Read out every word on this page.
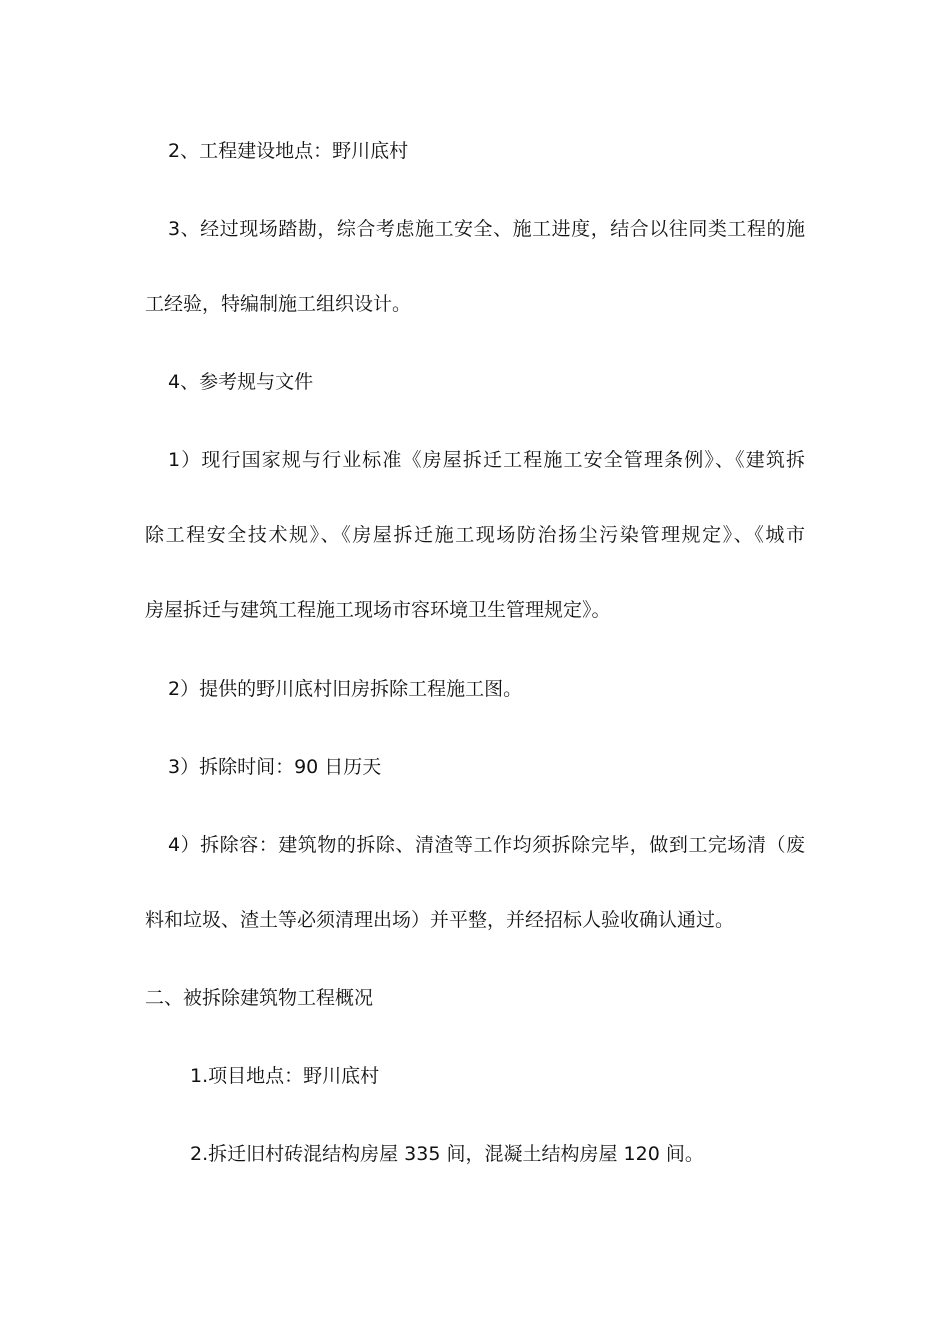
2、工程建设地点：野川底村
3、经过现场踏勘，综合考虑施工安全、施工进度，结合以往同类工程的施
工经验，特编制施工组织设计。
4、参考规与文件
1）现行国家规与行业标准《房屋拆迁工程施工安全管理条例》、《建筑拆
除工程安全技术规》、《房屋拆迁施工现场防治扬尘污染管理规定》、《城市
房屋拆迁与建筑工程施工现场市容环境卫生管理规定》。
2）提供的野川底村旧房拆除工程施工图。
3）拆除时间：90 日历天
4）拆除容：建筑物的拆除、清渣等工作均须拆除完毕，做到工完场清（废
料和垃圾、渣土等必须清理出场）并平整，并经招标人验收确认通过。
二、被拆除建筑物工程概况
1.项目地点：野川底村
2.拆迁旧村砖混结构房屋 335 间，混凝土结构房屋 120 间。
